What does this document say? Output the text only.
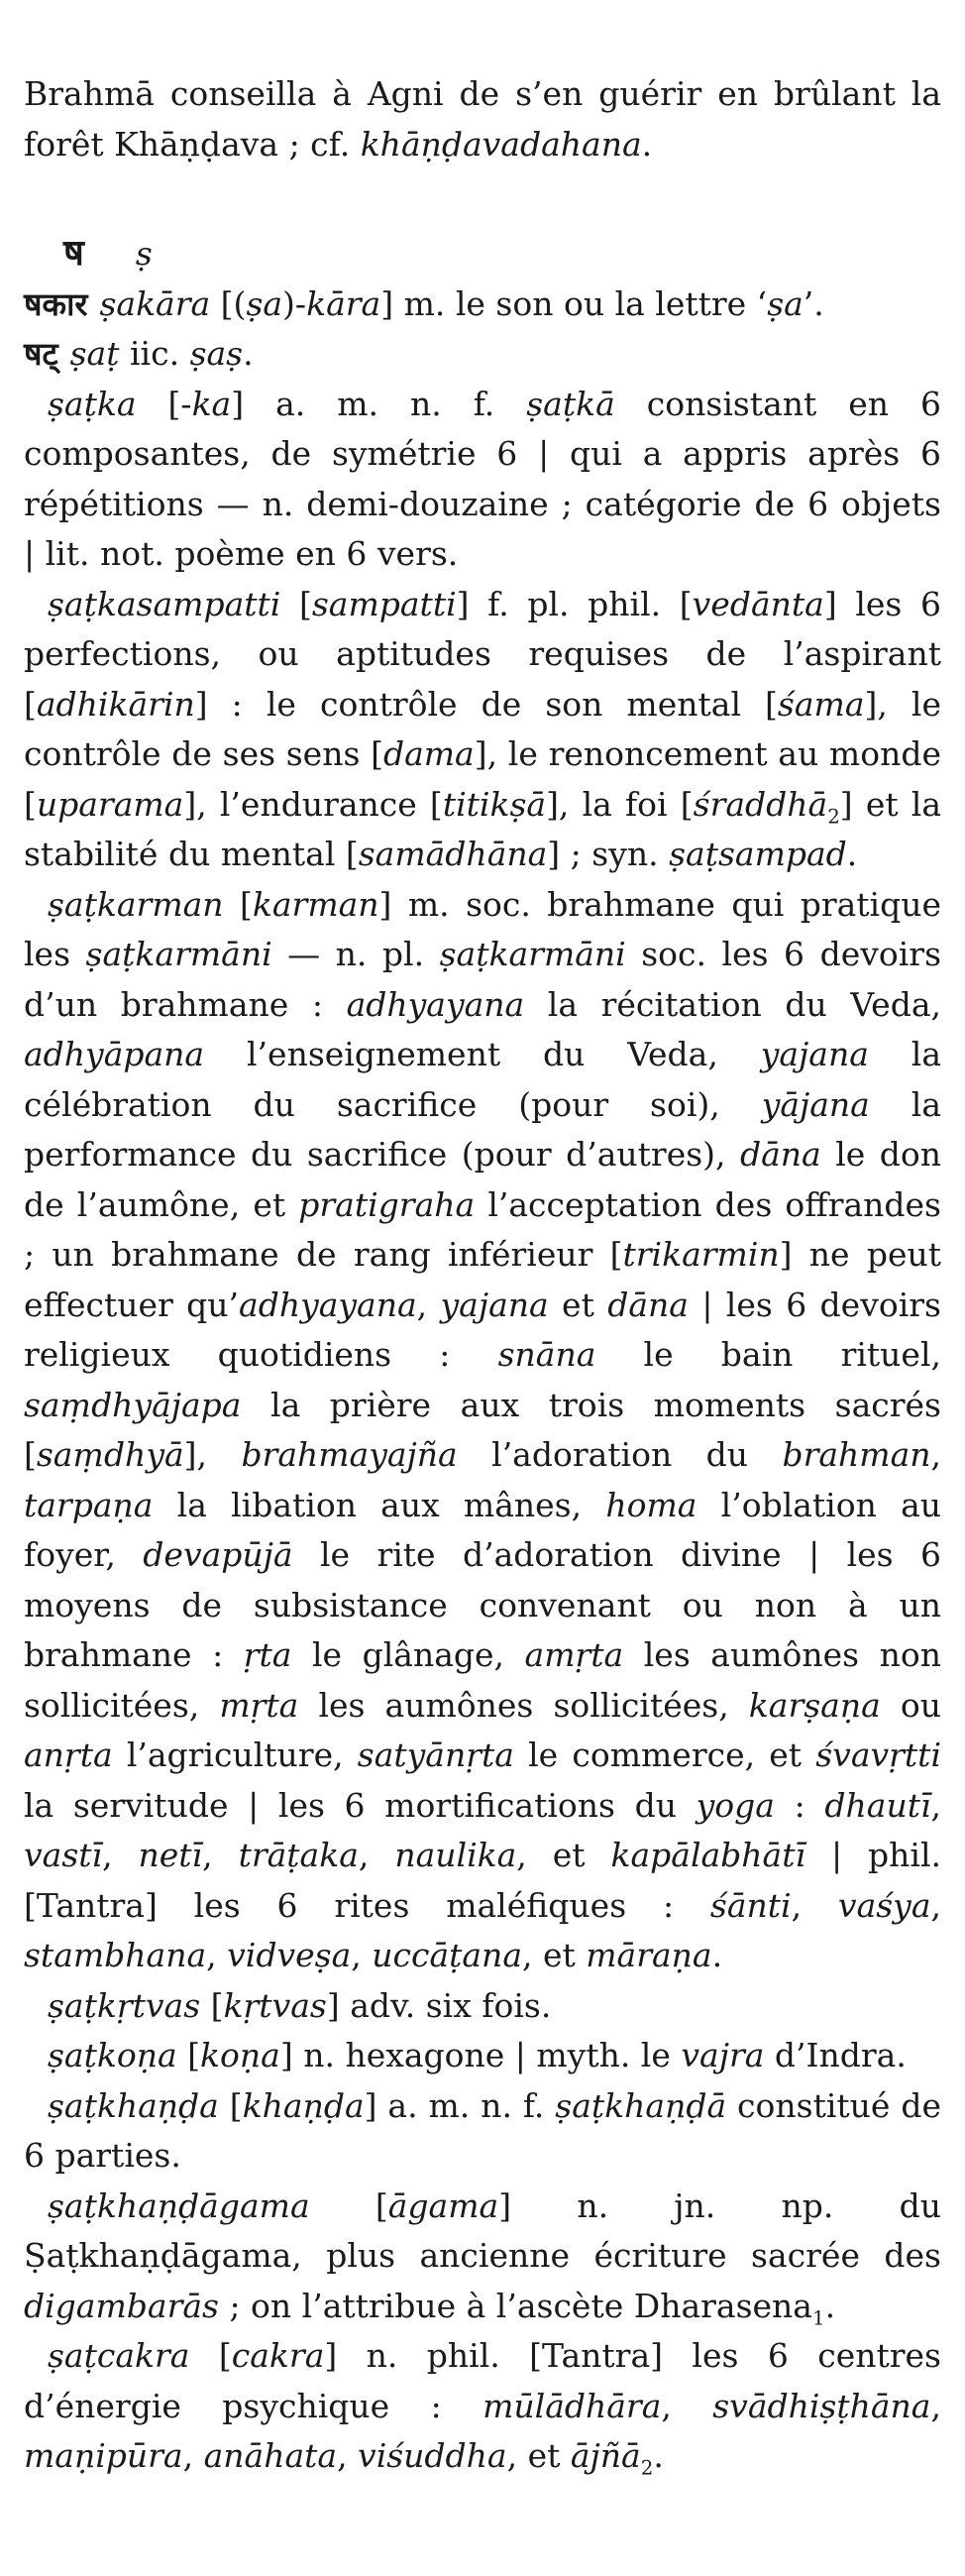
Brahmā conseilla à Agni de s’en guérir en brûlant la forêt Khāṇḍava ; cf. khāṇḍavadahana.

ष ṣ

षकार ṣakāra [(ṣa)-kāra] m. le son ou la lettre ‘ṣa’.

षट् ṣaṭ iic. ṣaṣ.

ṣaṭka [-ka] a. m. n. f. ṣaṭkā consistant en 6 composantes, de symétrie 6 | qui a appris après 6 répétitions — n. demi-douzaine ; catégorie de 6 objets | lit. not. poème en 6 vers.

ṣaṭkasampatti [sampatti] f. pl. phil. [vedānta] les 6 perfections, ou aptitudes requises de l’aspirant [adhikārin] : le contrôle de son mental [śama], le contrôle de ses sens [dama], le renoncement au monde [uparama], l’endurance [titikṣā], la foi [śraddhā$_2$] et la stabilité du mental [samādhāna] ; syn. ṣaṭsampad.

ṣaṭkarman [karman] m. soc. brahmane qui pratique les ṣaṭkarmāni — n. pl. ṣaṭkarmāni soc. les 6 devoirs d’un brahmane : adhyayana la récitation du Veda, adhyāpana l’enseignement du Veda, yajana la célébration du sacrifice (pour soi), yājana la performance du sacrifice (pour d’autres), dāna le don de l’aumône, et pratigraha l’acceptation des offrandes ; un brahmane de rang inférieur [trikarmin] ne peut effectuer qu’adhyayana, yajana et dāna | les 6 devoirs religieux quotidiens : snāna le bain rituel, saṃdhyājapa la prière aux trois moments sacrés [saṃdhyā], brahmayajña l’adoration du brahman, tarpaṇa la libation aux mânes, homa l’oblation au foyer, devapūjā le rite d’adoration divine | les 6 moyens de subsistance convenant ou non à un brahmane : ṛta le glânage, amṛta les aumônes non sollicitées, mṛta les aumônes sollicitées, karṣaṇa ou anṛta l’agriculture, satyānṛta le commerce, et śvavṛtti la servitude | les 6 mortifications du yoga : dhautī, vastī, netī, trāṭaka, naulika, et kapālabhātī | phil. [Tantra] les 6 rites maléfiques : śānti, vaśya, stambhana, vidveṣa, uccāṭana, et māraṇa.

ṣaṭkṛtvas [kṛtvas] adv. six fois.

ṣaṭkoṇa [koṇa] n. hexagone | myth. le vajra d’Indra.

ṣaṭkhaṇḍa [khaṇḍa] a. m. n. f. ṣaṭkhaṇḍā constitué de 6 parties.

ṣaṭkhaṇḍāgama [āgama] n. jn. np. du Ṣaṭkhaṇḍāgama, plus ancienne écriture sacrée des digambarās ; on l’attribue à l’ascète Dharasena$_1$.

ṣaṭcakra [cakra] n. phil. [Tantra] les 6 centres d’énergie psychique : mūlādhāra, svādhiṣṭhāna, maṇipūra, anāhata, viśuddha, et ājñā$_2$.
